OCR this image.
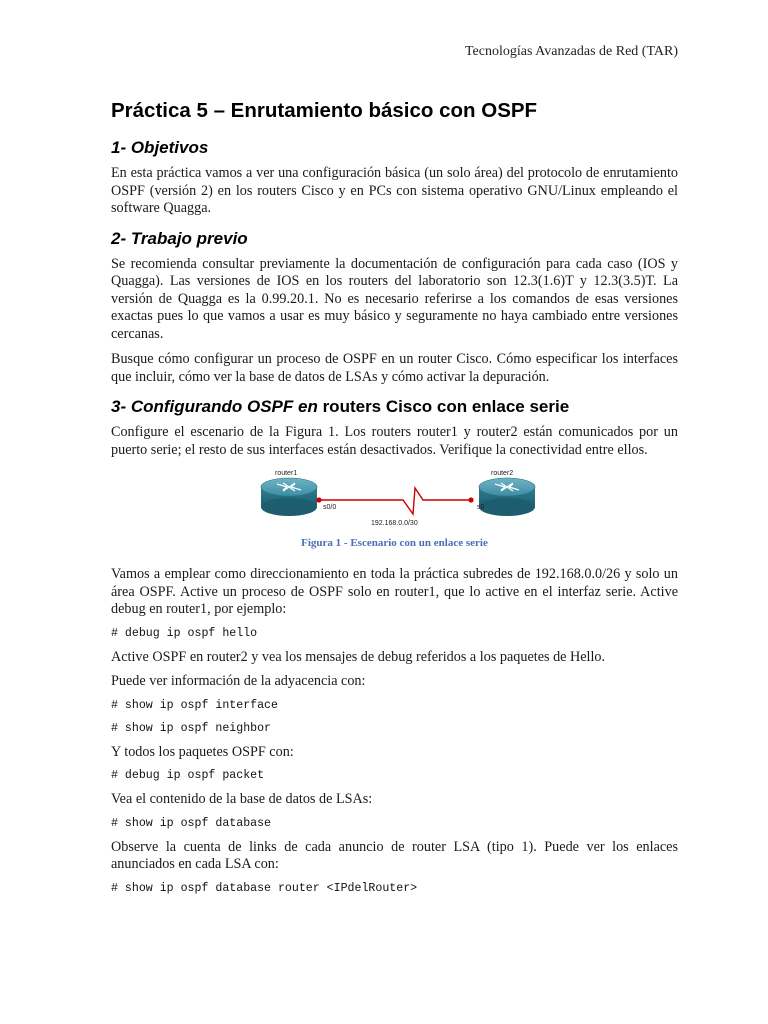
Tecnologías Avanzadas de Red (TAR)
Práctica 5 – Enrutamiento básico con OSPF
1- Objetivos

En esta práctica vamos a ver una configuración básica (un solo área) del protocolo de enrutamiento OSPF (versión 2) en los routers Cisco y en PCs con sistema operativo GNU/Linux empleando el software Quagga.

2- Trabajo previo

Se recomienda consultar previamente la documentación de configuración para cada caso (IOS y Quagga). Las versiones de IOS en los routers del laboratorio son 12.3(1.6)T y 12.3(3.5)T. La versión de Quagga es la 0.99.20.1. No es necesario referirse a los comandos de esas versiones exactas pues lo que vamos a usar es muy básico y seguramente no haya cambiado entre versiones cercanas.

Busque cómo configurar un proceso de OSPF en un router Cisco. Cómo especificar los interfaces que incluir, cómo ver la base de datos de LSAs y cómo activar la depuración.

3- Configurando OSPF en routers Cisco con enlace serie

Configure el escenario de la Figura 1. Los routers router1 y router2 están comunicados por un puerto serie; el resto de sus interfaces están desactivados. Verifique la conectividad entre ellos.

router1	router2
s0/0	s0
192.168.0.0/30
Figura 1 - Escenario con un enlace serie

Vamos a emplear como direccionamiento en toda la práctica subredes de 192.168.0.0/26 y solo un área OSPF. Active un proceso de OSPF solo en router1, que lo active en el interfaz serie. Active debug en router1, por ejemplo:

# debug ip ospf hello

Active OSPF en router2 y vea los mensajes de debug referidos a los paquetes de Hello.

Puede ver información de la adyacencia con:

# show ip ospf interface
# show ip ospf neighbor

Y todos los paquetes OSPF con:

# debug ip ospf packet

Vea el contenido de la base de datos de LSAs:

# show ip ospf database

Observe la cuenta de links de cada anuncio de router LSA (tipo 1). Puede ver los enlaces anunciados en cada LSA con:

# show ip ospf database router <IPdelRouter>
